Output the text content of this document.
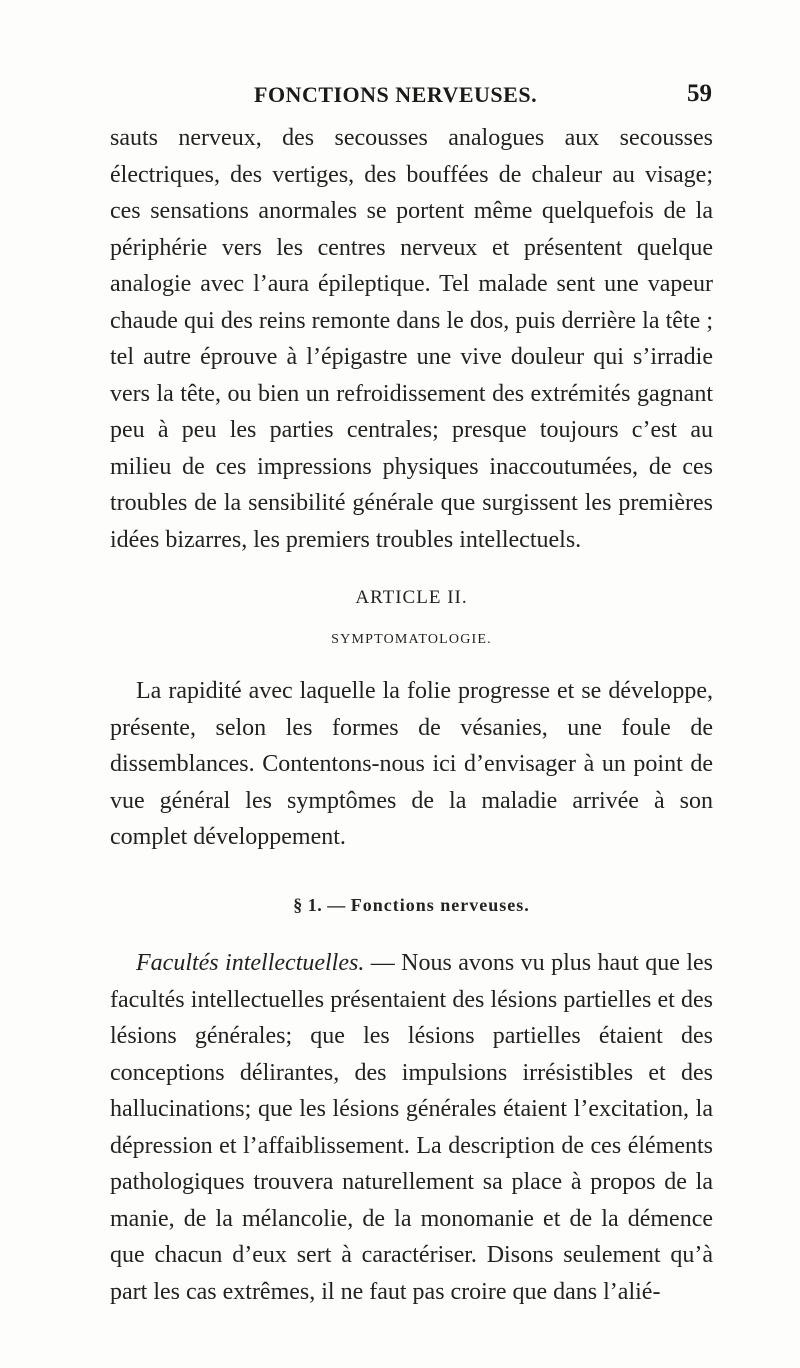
FONCTIONS NERVEUSES.	59

sauts nerveux, des secousses analogues aux secousses électriques, des vertiges, des bouffées de chaleur au visage; ces sensations anormales se portent même quelquefois de la périphérie vers les centres nerveux et présentent quelque analogie avec l’aura épileptique. Tel malade sent une vapeur chaude qui des reins remonte dans le dos, puis derrière la tête ; tel autre éprouve à l’épigastre une vive douleur qui s’irradie vers la tête, ou bien un refroidissement des extrémités gagnant peu à peu les parties centrales; presque toujours c’est au milieu de ces impressions physiques inaccoutumées, de ces troubles de la sensibilité générale que surgissent les premières idées bizarres, les premiers troubles intellectuels.

ARTICLE II.
SYMPTOMATOLOGIE.

La rapidité avec laquelle la folie progresse et se développe, présente, selon les formes de vésanies, une foule de dissemblances. Contentons-nous ici d’envisager à un point de vue général les symptômes de la maladie arrivée à son complet développement.

§ 1. — Fonctions nerveuses.

Facultés intellectuelles. — Nous avons vu plus haut que les facultés intellectuelles présentaient des lésions partielles et des lésions générales; que les lésions partielles étaient des conceptions délirantes, des impulsions irrésistibles et des hallucinations; que les lésions générales étaient l’excitation, la dépression et l’affaiblissement. La description de ces éléments pathologiques trouvera naturellement sa place à propos de la manie, de la mélancolie, de la monomanie et de la démence que chacun d’eux sert à caractériser. Disons seulement qu’à part les cas extrêmes, il ne faut pas croire que dans l’alié-
